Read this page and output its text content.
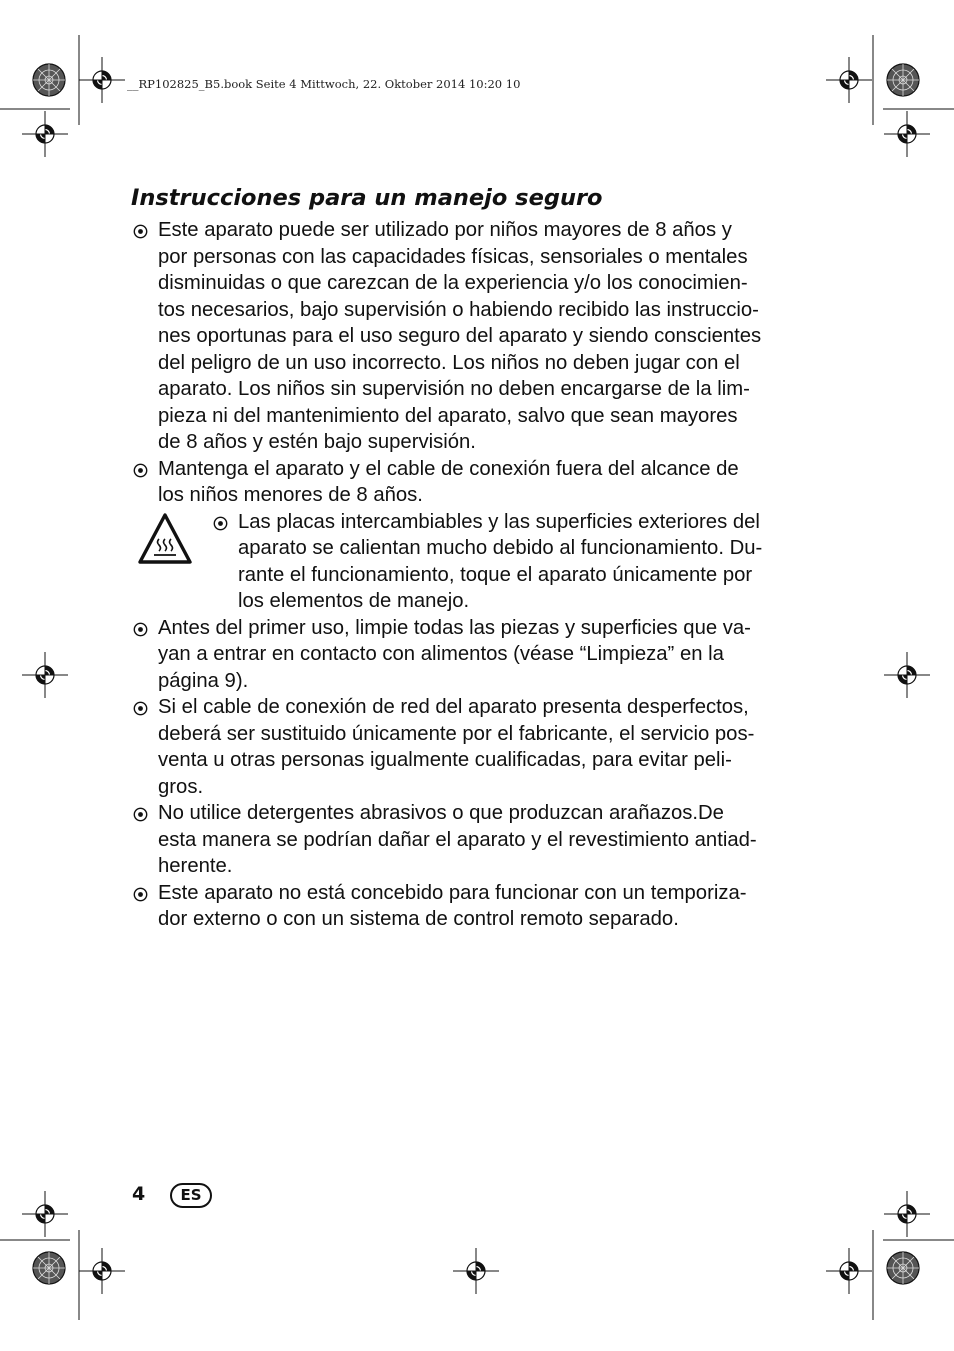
__RP102825_B5.book Seite 4 Mittwoch, 22. Oktober 2014 10:20 10
Instrucciones para un manejo seguro
Este aparato puede ser utilizado por niños mayores de 8 años y
por personas con las capacidades físicas, sensoriales o mentales
disminuidas o que carezcan de la experiencia y/o los conocimien-
tos necesarios, bajo supervisión o habiendo recibido las instruccio-
nes oportunas para el uso seguro del aparato y siendo conscientes
del peligro de un uso incorrecto. Los niños no deben jugar con el
aparato. Los niños sin supervisión no deben encargarse de la lim-
pieza ni del mantenimiento del aparato, salvo que sean mayores
de 8 años y estén bajo supervisión.
Mantenga el aparato y el cable de conexión fuera del alcance de
los niños menores de 8 años.
Las placas intercambiables y las superficies exteriores del
aparato se calientan mucho debido al funcionamiento. Du-
rante el funcionamiento, toque el aparato únicamente por
los elementos de manejo.
Antes del primer uso, limpie todas las piezas y superficies que va-
yan a entrar en contacto con alimentos (véase “Limpieza” en la
página 9).
Si el cable de conexión de red del aparato presenta desperfectos,
deberá ser sustituido únicamente por el fabricante, el servicio pos-
venta u otras personas igualmente cualificadas, para evitar peli-
gros.
No utilice detergentes abrasivos o que produzcan arañazos.De
esta manera se podrían dañar el aparato y el revestimiento antiad-
herente.
Este aparato no está concebido para funcionar con un temporiza-
dor externo o con un sistema de control remoto separado.
4	ES
